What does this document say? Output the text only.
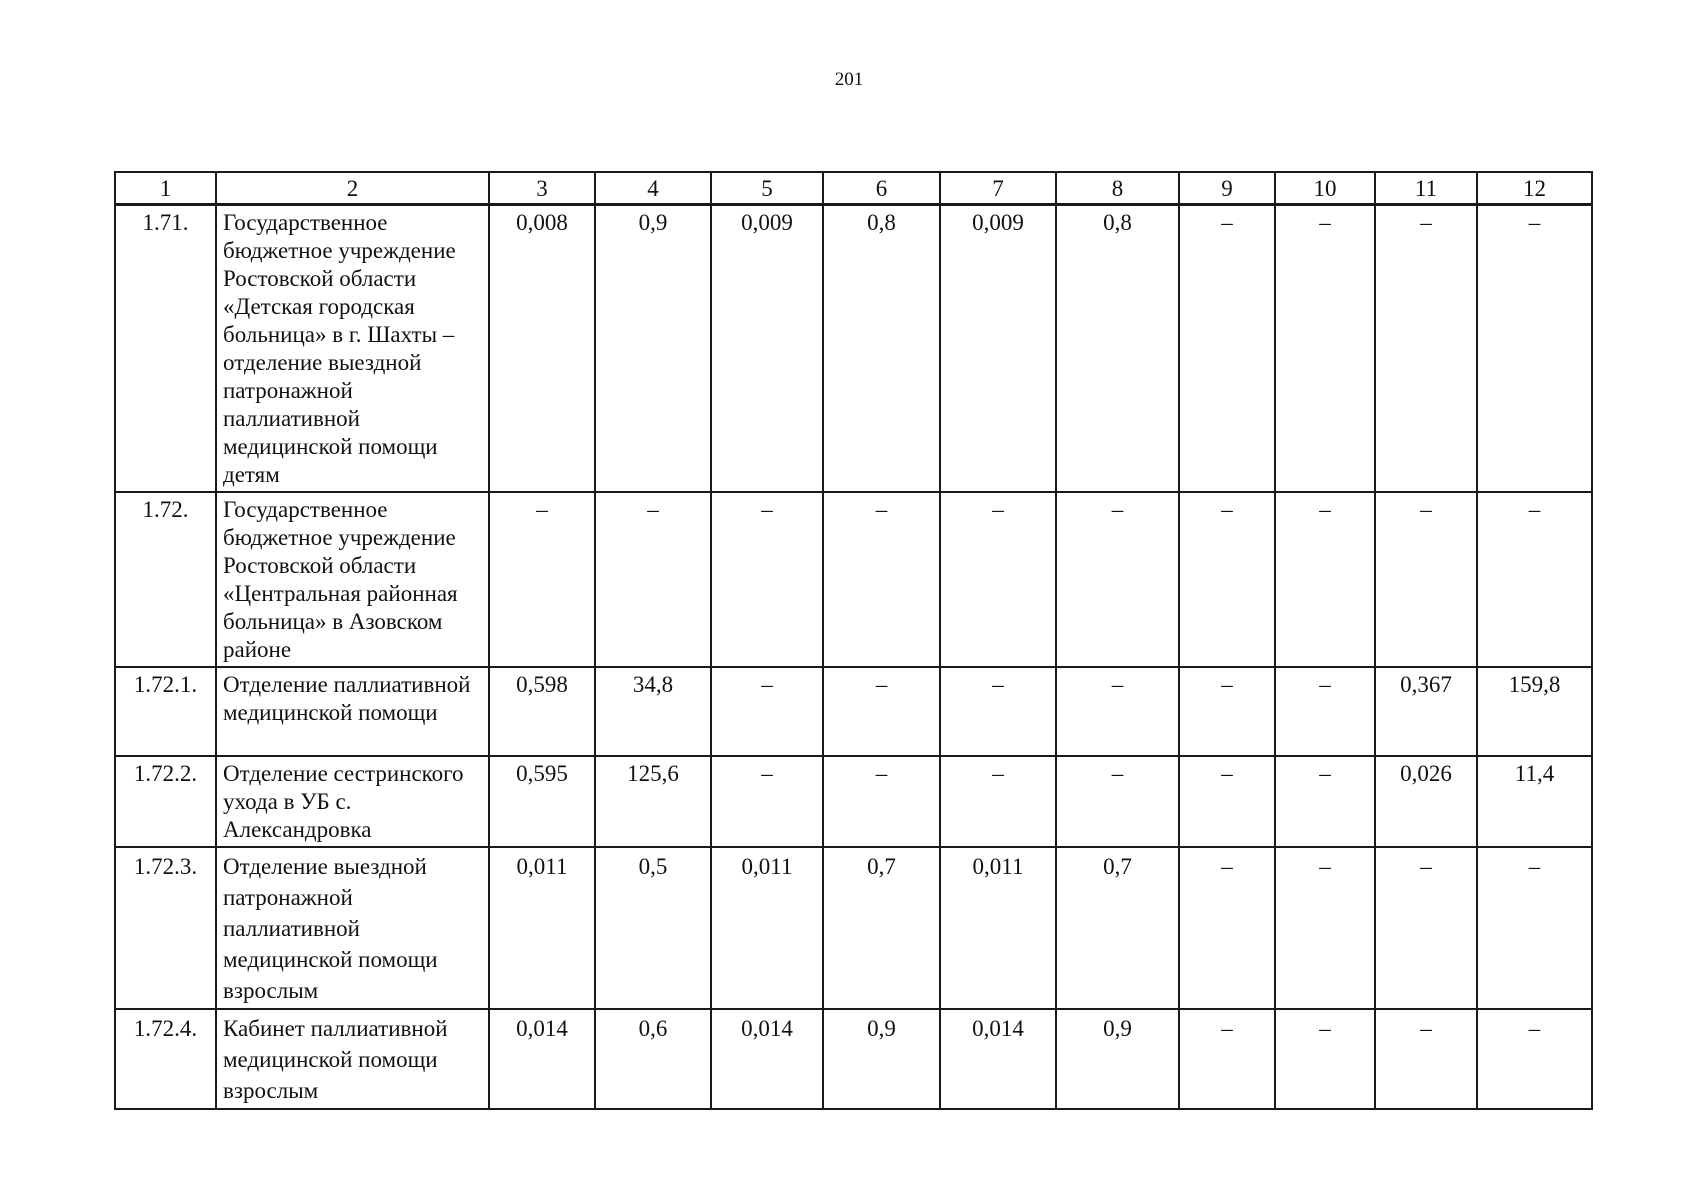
201
1	2	3	4	5	6	7	8	9	10	11	12
1.71.	Государственное бюджетное учреждение Ростовской области «Детская городская больница» в г. Шахты – отделение выездной патронажной паллиативной медицинской помощи детям	0,008	0,9	0,009	0,8	0,009	0,8	–	–	–	–
1.72.	Государственное бюджетное учреждение Ростовской области «Центральная районная больница» в Азовском районе	–	–	–	–	–	–	–	–	–	–
1.72.1.	Отделение паллиативной медицинской помощи	0,598	34,8	–	–	–	–	–	–	0,367	159,8
1.72.2.	Отделение сестринского ухода в УБ с. Александровка	0,595	125,6	–	–	–	–	–	–	0,026	11,4
1.72.3.	Отделение выездной патронажной паллиативной медицинской помощи взрослым	0,011	0,5	0,011	0,7	0,011	0,7	–	–	–	–
1.72.4.	Кабинет паллиативной медицинской помощи взрослым	0,014	0,6	0,014	0,9	0,014	0,9	–	–	–	–
